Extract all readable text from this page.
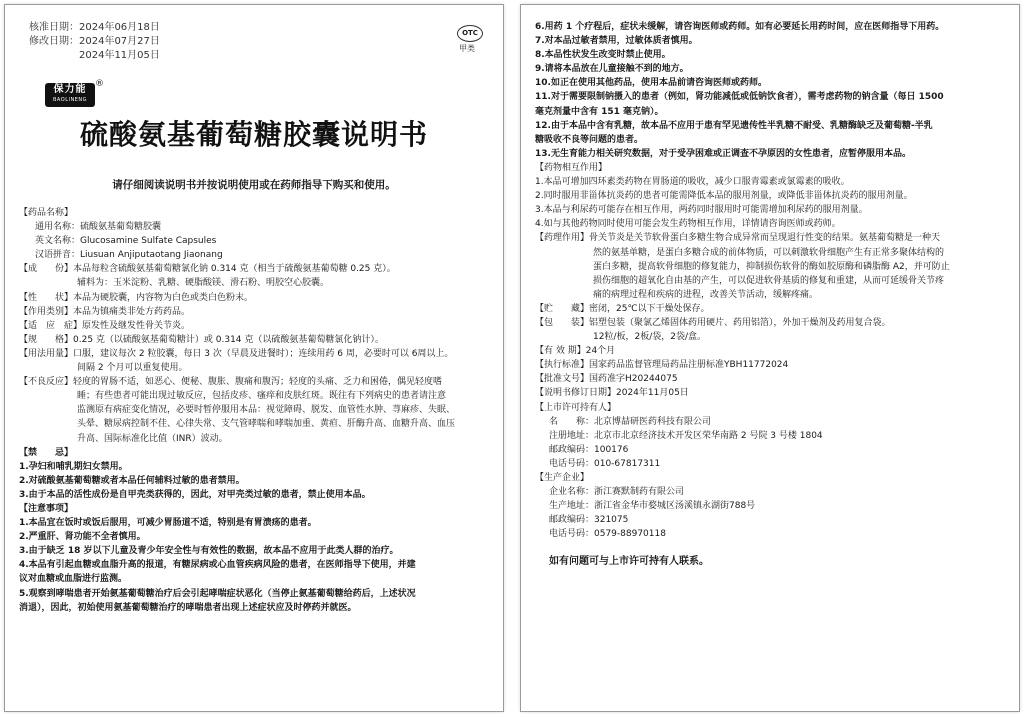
核准日期：2024年06月18日
修改日期：2024年07月27日
2024年11月05日
OTC
甲类
保力能
BAOLINENG
®
硫酸氨基葡萄糖胶囊说明书
请仔细阅读说明书并按说明使用或在药师指导下购买和使用。
【药品名称】
通用名称：硫酸氨基葡萄糖胶囊
英文名称：Glucosamine Sulfate Capsules
汉语拼音：Liusuan Anjiputaotang Jiaonang
【成　　份】本品每粒含硫酸氨基葡萄糖氯化钠 0.314 克（相当于硫酸氨基葡萄糖 0.25 克）。
辅料为：玉米淀粉、乳糖、硬脂酸镁、滑石粉、明胶空心胶囊。
【性　　状】本品为硬胶囊，内容物为白色或类白色粉末。
【作用类别】本品为镇痛类非处方药药品。
【适　应　症】原发性及继发性骨关节炎。
【规　　格】0.25 克（以硫酸氨基葡萄糖计）或 0.314 克（以硫酸氨基葡萄糖氯化钠计）。
【用法用量】口服，建议每次 2 粒胶囊，每日 3 次（早晨及进餐时）；连续用药 6 周，必要时可以 6周以上。
间隔 2 个月可以重复使用。
【不良反应】轻度的胃肠不适，如恶心、便秘、腹胀、腹痛和腹泻；轻度的头痛、乏力和困倦，偶见轻度嗜
睡；有些患者可能出现过敏反应，包括皮疹、瘙痒和皮肤红斑。既往有下列病史的患者请注意
监测原有病症变化情况，必要时暂停服用本品：视觉障碍、脱发、血管性水肿、荨麻疹、失眠、
头晕、糖尿病控制不佳、心律失常、支气管哮喘和哮喘加重、黄疸、肝酶升高、血糖升高、血压
升高、国际标准化比值（INR）波动。
【禁　　忌】
1.孕妇和哺乳期妇女禁用。
2.对硫酸氨基葡萄糖或者本品任何辅料过敏的患者禁用。
3.由于本品的活性成份是自甲壳类获得的，因此，对甲壳类过敏的患者，禁止使用本品。
【注意事项】
1.本品宜在饭时或饭后服用，可减少胃肠道不适，特别是有胃溃疡的患者。
2.严重肝、肾功能不全者慎用。
3.由于缺乏 18 岁以下儿童及青少年安全性与有效性的数据，故本品不应用于此类人群的治疗。
4.本品有引起血糖或血脂升高的报道，有糖尿病或心血管疾病风险的患者，在医师指导下使用，并建
议对血糖或血脂进行监测。
5.观察到哮喘患者开始氨基葡萄糖治疗后会引起哮喘症状恶化（当停止氨基葡萄糖给药后，上述状况
消退），因此，初始使用氨基葡萄糖治疗的哮喘患者出现上述症状应及时停药并就医。
6.用药 1 个疗程后，症状未缓解，请咨询医师或药师。如有必要延长用药时间，应在医师指导下用药。
7.对本品过敏者禁用，过敏体质者慎用。
8.本品性状发生改变时禁止使用。
9.请将本品放在儿童接触不到的地方。
10.如正在使用其他药品，使用本品前请咨询医师或药师。
11.对于需要限制钠摄入的患者（例如，肾功能减低或低钠饮食者），需考虑药物的钠含量（每日 1500
毫克剂量中含有 151 毫克钠）。
12.由于本品中含有乳糖，故本品不应用于患有罕见遗传性半乳糖不耐受、乳糖酶缺乏及葡萄糖-半乳
糖吸收不良等问题的患者。
13.无生育能力相关研究数据，对于受孕困难或正调查不孕原因的女性患者，应暂停服用本品。
【药物相互作用】
1.本品可增加四环素类药物在胃肠道的吸收，减少口服青霉素或氯霉素的吸收。
2.同时服用非甾体抗炎药的患者可能需降低本品的服用剂量，或降低非甾体抗炎药的服用剂量。
3.本品与利尿药可能存在相互作用，两药同时服用时可能需增加利尿药的服用剂量。
4.如与其他药物同时使用可能会发生药物相互作用，详情请咨询医师或药师。
【药理作用】骨关节炎是关节软骨蛋白多糖生物合成异常而呈现退行性变的结果。氨基葡萄糖是一种天
然的氨基单糖，是蛋白多糖合成的前体物质，可以刺激软骨细胞产生有正常多聚体结构的
蛋白多糖，提高软骨细胞的修复能力，抑制损伤软骨的酶如胶原酶和磷脂酶 A2，并可防止
损伤细胞的超氧化自由基的产生，可以促进软骨基质的修复和重建，从而可延缓骨关节疼
痛的病理过程和疾病的进程，改善关节活动，缓解疼痛。
【贮　　藏】密闭，25℃以下干燥处保存。
【包　　装】铝塑包装（聚氯乙烯固体药用硬片、药用铝箔），外加干燥剂及药用复合袋。
12粒/板，2板/袋，2袋/盒。
【有 效 期】24个月
【执行标准】国家药品监督管理局药品注册标准YBH11772024
【批准文号】国药准字H20244075
【说明书修订日期】2024年11月05日
【上市许可持有人】
名　　称：北京博喆研医药科技有限公司
注册地址：北京市北京经济技术开发区荣华南路 2 号院 3 号楼 1804
邮政编码：100176
电话号码：010-67817311
【生产企业】
企业名称：浙江赛默制药有限公司
生产地址：浙江省金华市婺城区汤溪镇永湖街788号
邮政编码：321075
电话号码：0579-88970118
如有问题可与上市许可持有人联系。
